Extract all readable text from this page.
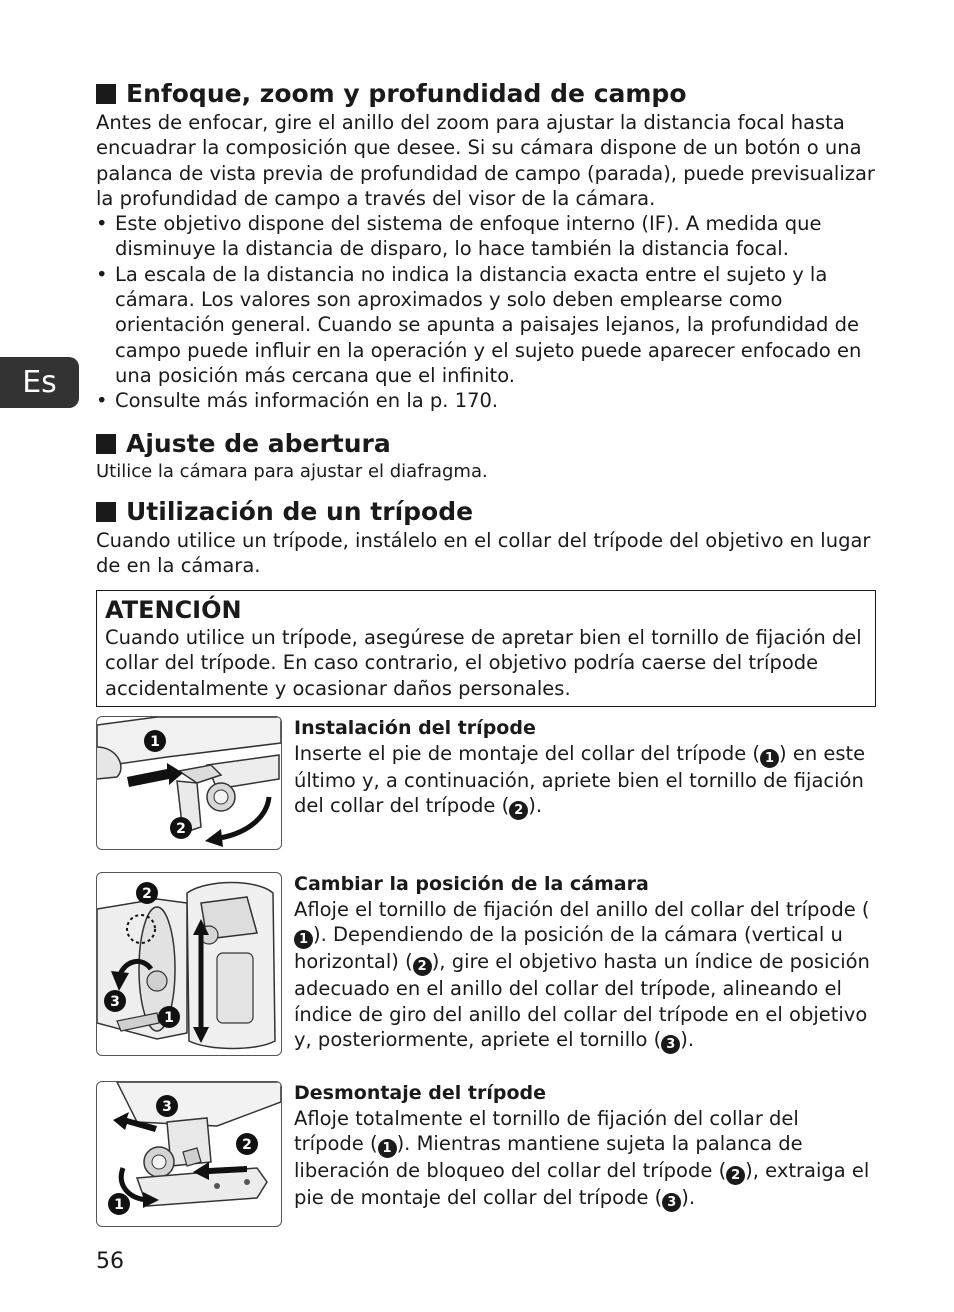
Es
Enfoque, zoom y profundidad de campo

Antes de enfocar, gire el anillo del zoom para ajustar la distancia focal hasta encuadrar la composición que desee. Si su cámara dispone de un botón o una palanca de vista previa de profundidad de campo (parada), puede previsualizar la profundidad de campo a través del visor de la cámara.

• Este objetivo dispone del sistema de enfoque interno (IF). A medida que disminuye la distancia de disparo, lo hace también la distancia focal.
• La escala de la distancia no indica la distancia exacta entre el sujeto y la cámara. Los valores son aproximados y solo deben emplearse como orientación general. Cuando se apunta a paisajes lejanos, la profundidad de campo puede influir en la operación y el sujeto puede aparecer enfocado en una posición más cercana que el infinito.
• Consulte más información en la p. 170.
Ajuste de abertura

Utilice la cámara para ajustar el diafragma.

Utilización de un trípode

Cuando utilice un trípode, instálelo en el collar del trípode del objetivo en lugar de en la cámara.

ATENCIÓN

Cuando utilice un trípode, asegúrese de apretar bien el tornillo de fijación del collar del trípode. En caso contrario, el objetivo podría caerse del trípode accidentalmente y ocasionar daños personales.

1
2
Instalación del trípode

Inserte el pie de montaje del collar del trípode ( 1 ) en este último y, a continuación, apriete bien el tornillo de fijación del collar del trípode ( 2 ).

2
3
1
Cambiar la posición de la cámara

Afloje el tornillo de fijación del anillo del collar del trípode (1 ). Dependiendo de la posición de la cámara (vertical u horizontal) ( 2 ), gire el objetivo hasta un índice de posición adecuado en el anillo del collar del trípode, alineando el índice de giro del anillo del collar del trípode en el objetivo y, posteriormente, apriete el tornillo ( 3 ).

3
2
1
Desmontaje del trípode

Afloje totalmente el tornillo de fijación del collar del trípode ( 1 ). Mientras mantiene sujeta la palanca de liberación de bloqueo del collar del trípode ( 2 ), extraiga el pie de montaje del collar del trípode ( 3 ).

56
